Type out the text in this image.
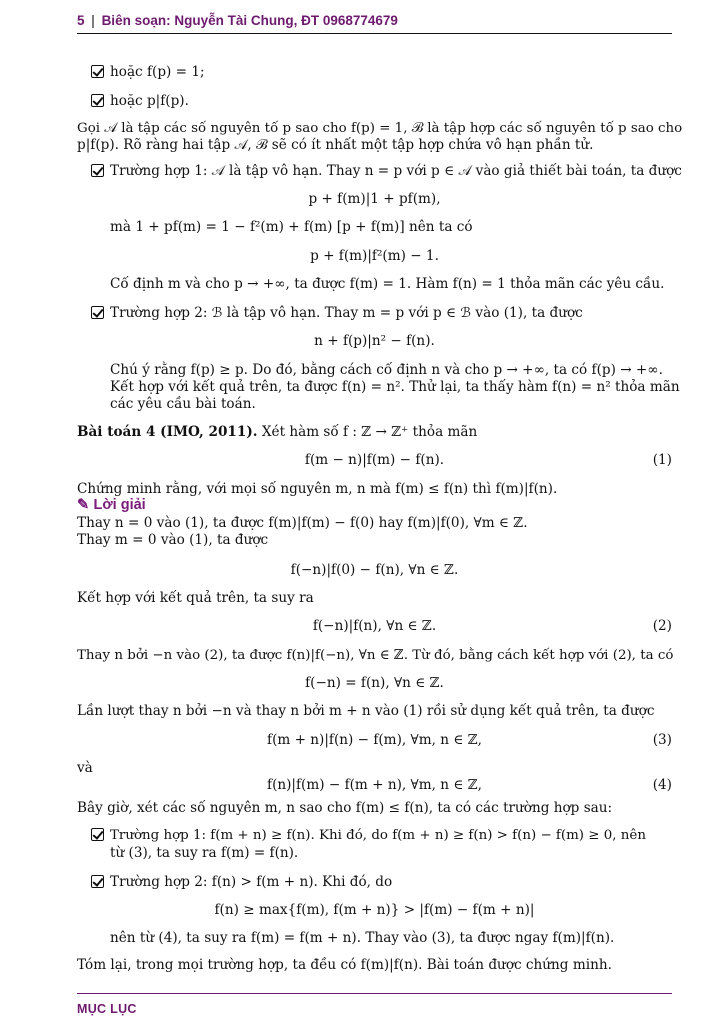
5 | Biên soạn: Nguyễn Tài Chung, ĐT 0968774679
hoặc f(p) = 1;
hoặc p|f(p).
Gọi 𝒜 là tập các số nguyên tố p sao cho f(p) = 1, ℬ là tập hợp các số nguyên tố p sao cho
p|f(p). Rõ ràng hai tập 𝒜, ℬ sẽ có ít nhất một tập hợp chứa vô hạn phần tử.
Trường hợp 1: 𝒜 là tập vô hạn. Thay n = p với p ∈ 𝒜 vào giả thiết bài toán, ta được
p + f(m)|1 + pf(m),
mà 1 + pf(m) = 1 − f²(m) + f(m) [p + f(m)] nên ta có
p + f(m)|f²(m) − 1.
Cố định m và cho p → +∞, ta được f(m) = 1. Hàm f(n) = 1 thỏa mãn các yêu cầu.
Trường hợp 2: ℬ là tập vô hạn. Thay m = p với p ∈ ℬ vào (1), ta được
n + f(p)|n² − f(n).
Chú ý rằng f(p) ≥ p. Do đó, bằng cách cố định n và cho p → +∞, ta có f(p) → +∞.
Kết hợp với kết quả trên, ta được f(n) = n². Thử lại, ta thấy hàm f(n) = n² thỏa mãn
các yêu cầu bài toán.
Bài toán 4 (IMO, 2011). Xét hàm số f : ℤ → ℤ⁺ thỏa mãn
f(m − n)|f(m) − f(n).	(1)
Chứng minh rằng, với mọi số nguyên m, n mà f(m) ≤ f(n) thì f(m)|f(n).
✎ Lời giải
Thay n = 0 vào (1), ta được f(m)|f(m) − f(0) hay f(m)|f(0), ∀m ∈ ℤ.
Thay m = 0 vào (1), ta được
f(−n)|f(0) − f(n), ∀n ∈ ℤ.
Kết hợp với kết quả trên, ta suy ra
f(−n)|f(n), ∀n ∈ ℤ.	(2)
Thay n bởi −n vào (2), ta được f(n)|f(−n), ∀n ∈ ℤ. Từ đó, bằng cách kết hợp với (2), ta có
f(−n) = f(n), ∀n ∈ ℤ.
Lần lượt thay n bởi −n và thay n bởi m + n vào (1) rồi sử dụng kết quả trên, ta được
f(m + n)|f(n) − f(m), ∀m, n ∈ ℤ,	(3)
và
f(n)|f(m) − f(m + n), ∀m, n ∈ ℤ,	(4)
Bây giờ, xét các số nguyên m, n sao cho f(m) ≤ f(n), ta có các trường hợp sau:
Trường hợp 1: f(m + n) ≥ f(n). Khi đó, do f(m + n) ≥ f(n) > f(n) − f(m) ≥ 0, nên
từ (3), ta suy ra f(m) = f(n).
Trường hợp 2: f(n) > f(m + n). Khi đó, do
f(n) ≥ max{f(m), f(m + n)} > |f(m) − f(m + n)|
nên từ (4), ta suy ra f(m) = f(m + n). Thay vào (3), ta được ngay f(m)|f(n).
Tóm lại, trong mọi trường hợp, ta đều có f(m)|f(n). Bài toán được chứng minh.
MỤC LỤC
